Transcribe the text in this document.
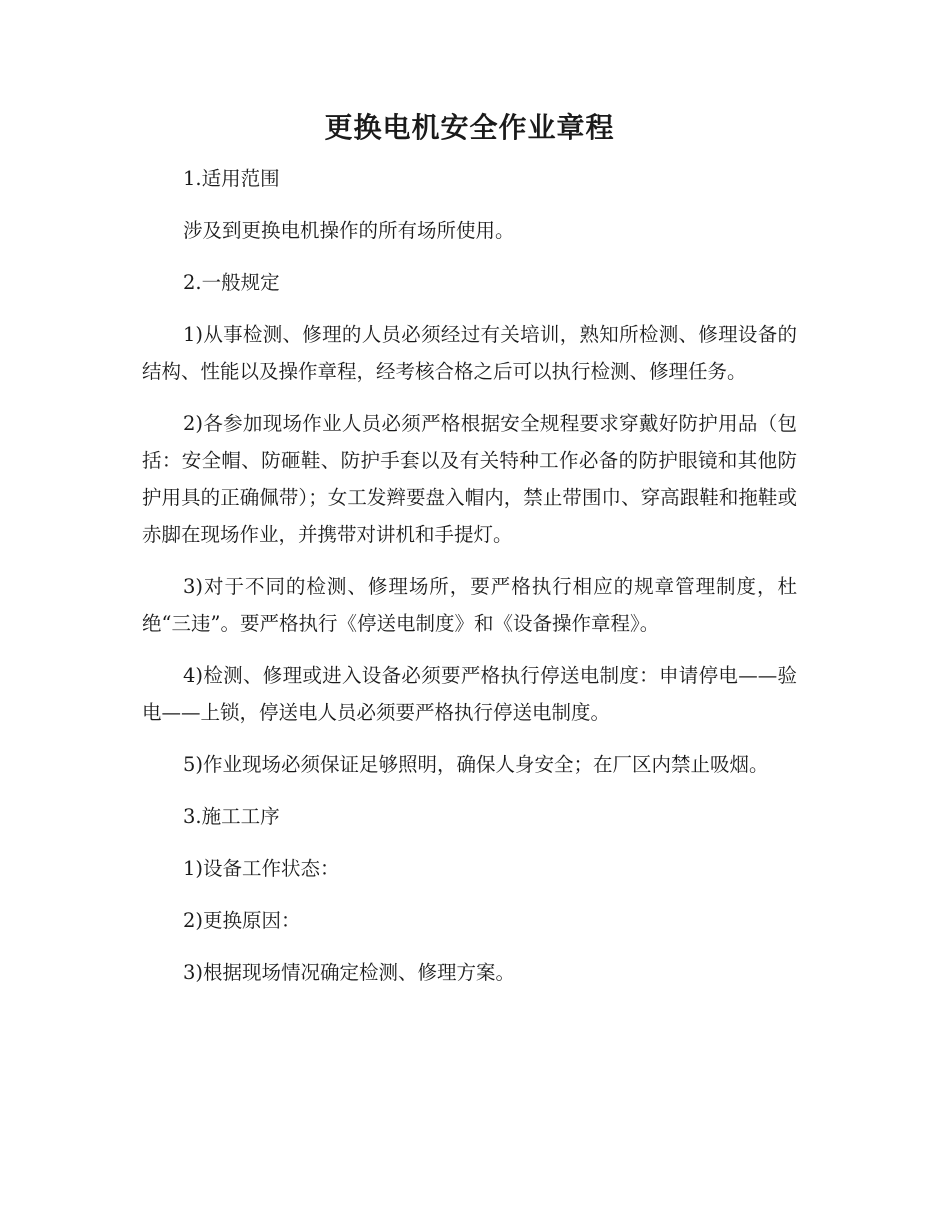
更换电机安全作业章程

1.适用范围

涉及到更换电机操作的所有场所使用。

2.一般规定

1)从事检测、修理的人员必须经过有关培训，熟知所检测、修理设备的结构、性能以及操作章程，经考核合格之后可以执行检测、修理任务。

2)各参加现场作业人员必须严格根据安全规程要求穿戴好防护用品（包括：安全帽、防砸鞋、防护手套以及有关特种工作必备的防护眼镜和其他防护用具的正确佩带）；女工发辫要盘入帽内，禁止带围巾、穿高跟鞋和拖鞋或赤脚在现场作业，并携带对讲机和手提灯。

3)对于不同的检测、修理场所，要严格执行相应的规章管理制度，杜绝“三违”。要严格执行《停送电制度》和《设备操作章程》。

4)检测、修理或进入设备必须要严格执行停送电制度：申请停电——验电——上锁，停送电人员必须要严格执行停送电制度。

5)作业现场必须保证足够照明，确保人身安全；在厂区内禁止吸烟。

3.施工工序

1)设备工作状态：

2)更换原因：

3)根据现场情况确定检测、修理方案。
